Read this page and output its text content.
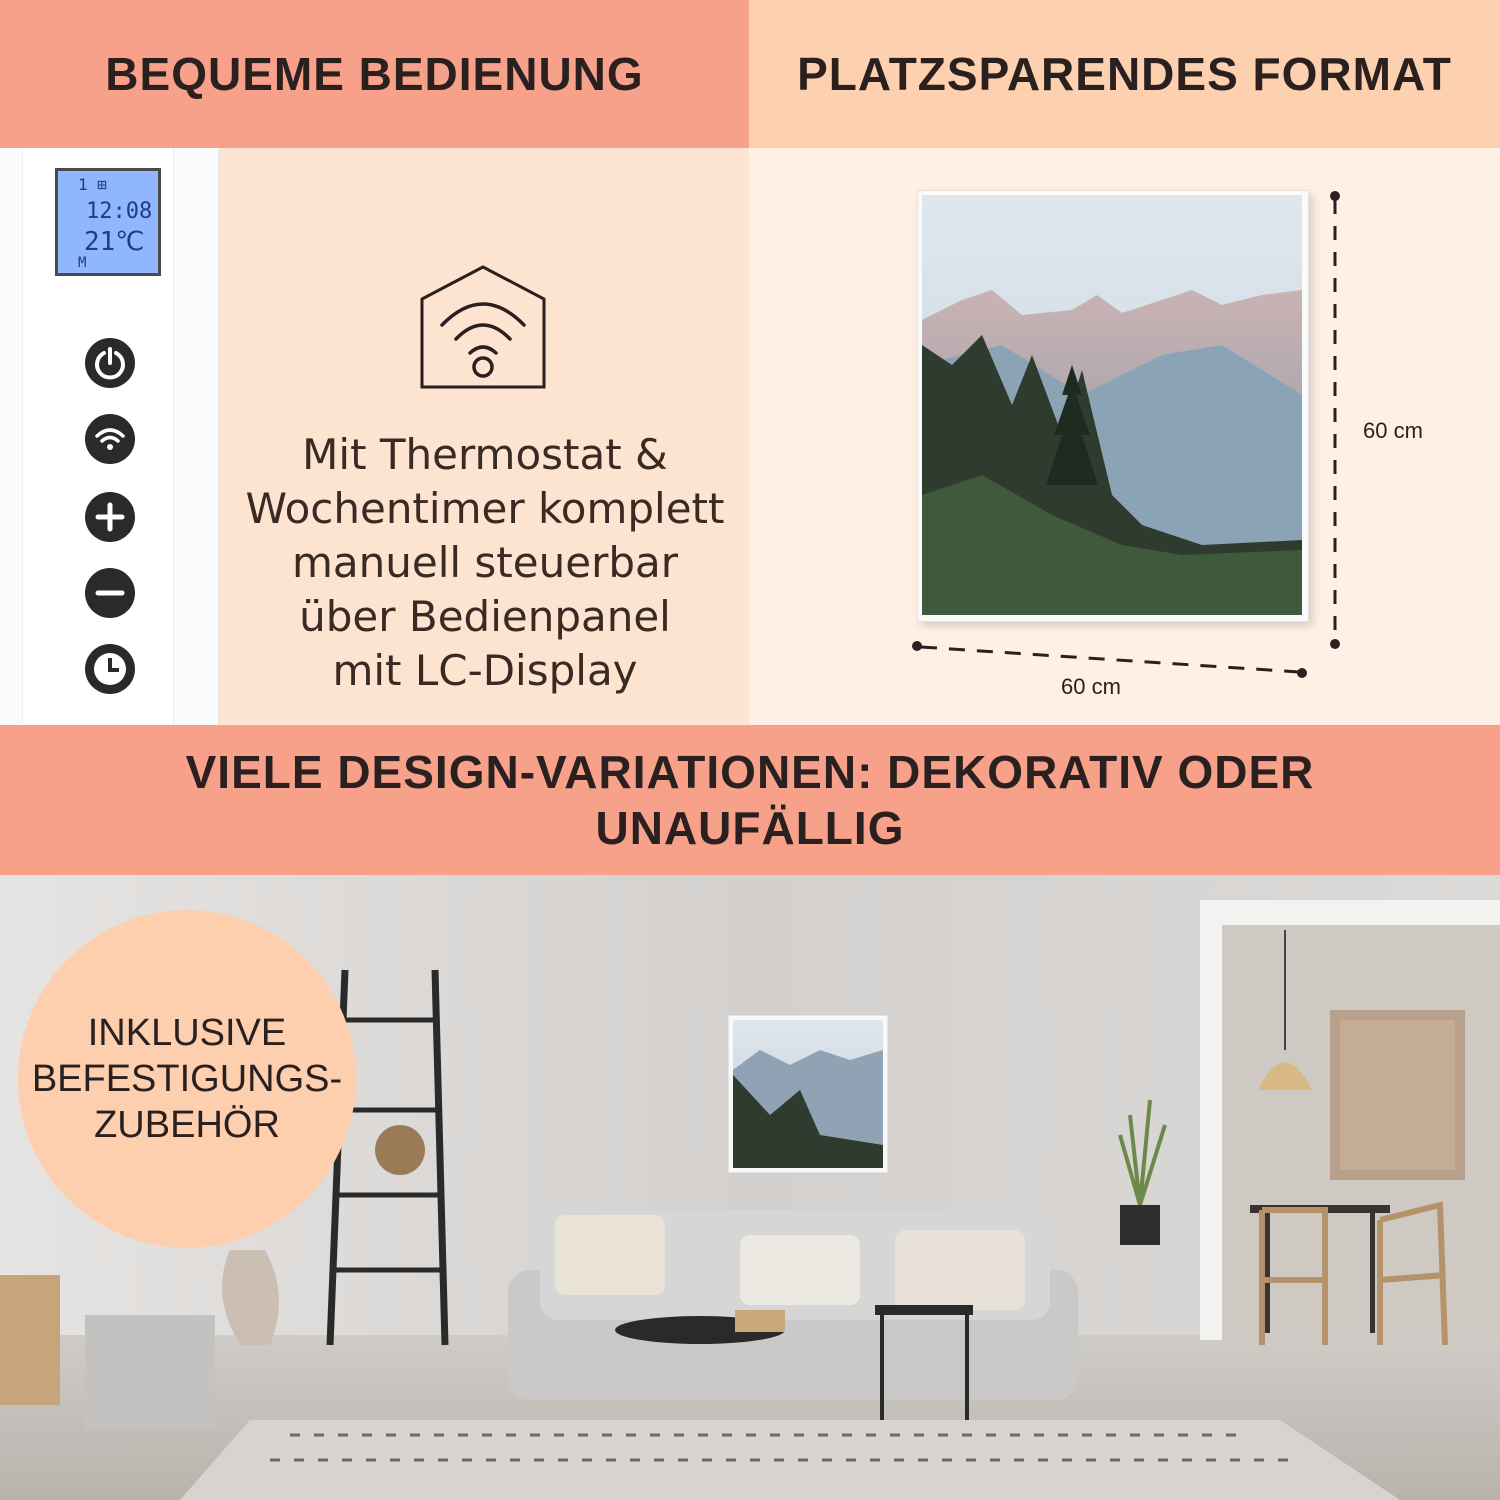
BEQUEME BEDIENUNG	PLATZSPARENDES FORMAT
1 ⊞
12:08
21℃
M
Mit Thermostat &
Wochentimer komplett
manuell steuerbar
über Bedienpanel
mit LC-Display
60 cm
60 cm
VIELE DESIGN-VARIATIONEN: DEKORATIV ODER
UNAUFÄLLIG
INKLUSIVE
BEFESTIGUNGS-
ZUBEHÖR
